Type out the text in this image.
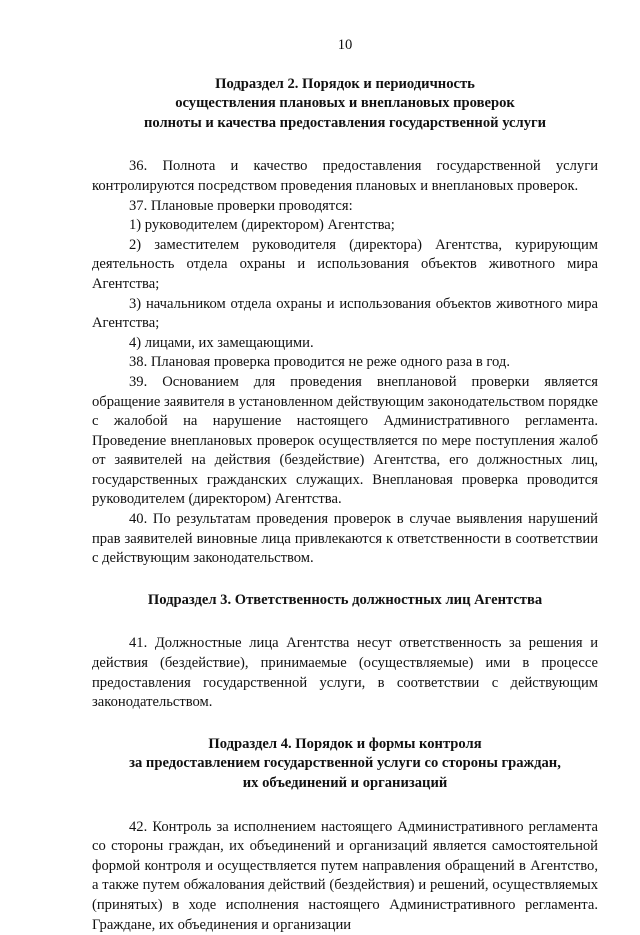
10
Подраздел 2. Порядок и периодичность
осуществления плановых и внеплановых проверок
полноты и качества предоставления государственной услуги

36. Полнота и качество предоставления государственной услуги контролируются посредством проведения плановых и внеплановых проверок.

37. Плановые проверки проводятся:

1) руководителем (директором) Агентства;

2) заместителем руководителя (директора) Агентства, курирующим деятельность отдела охраны и использования объектов животного мира Агентства;

3) начальником отдела охраны и использования объектов животного мира Агентства;

4) лицами, их замещающими.

38. Плановая проверка проводится не реже одного раза в год.

39. Основанием для проведения внеплановой проверки является обращение заявителя в установленном действующим законодательством порядке с жалобой на нарушение настоящего Административного регламента. Проведение внеплановых проверок осуществляется по мере поступления жалоб от заявителей на действия (бездействие) Агентства, его должностных лиц, государственных гражданских служащих. Внеплановая проверка проводится руководителем (директором) Агентства.

40. По результатам проведения проверок в случае выявления нарушений прав заявителей виновные лица привлекаются к ответственности в соответствии с действующим законодательством.

Подраздел 3. Ответственность должностных лиц Агентства

41. Должностные лица Агентства несут ответственность за решения и действия (бездействие), принимаемые (осуществляемые) ими в процессе предоставления государственной услуги, в соответствии с действующим законодательством.

Подраздел 4. Порядок и формы контроля
за предоставлением государственной услуги со стороны граждан,
их объединений и организаций

42. Контроль за исполнением настоящего Административного регламента со стороны граждан, их объединений и организаций является самостоятельной формой контроля и осуществляется путем направления обращений в Агентство, а также путем обжалования действий (бездействия) и решений, осуществляемых (принятых) в ходе исполнения настоящего Административного регламента. Граждане, их объединения и организации
